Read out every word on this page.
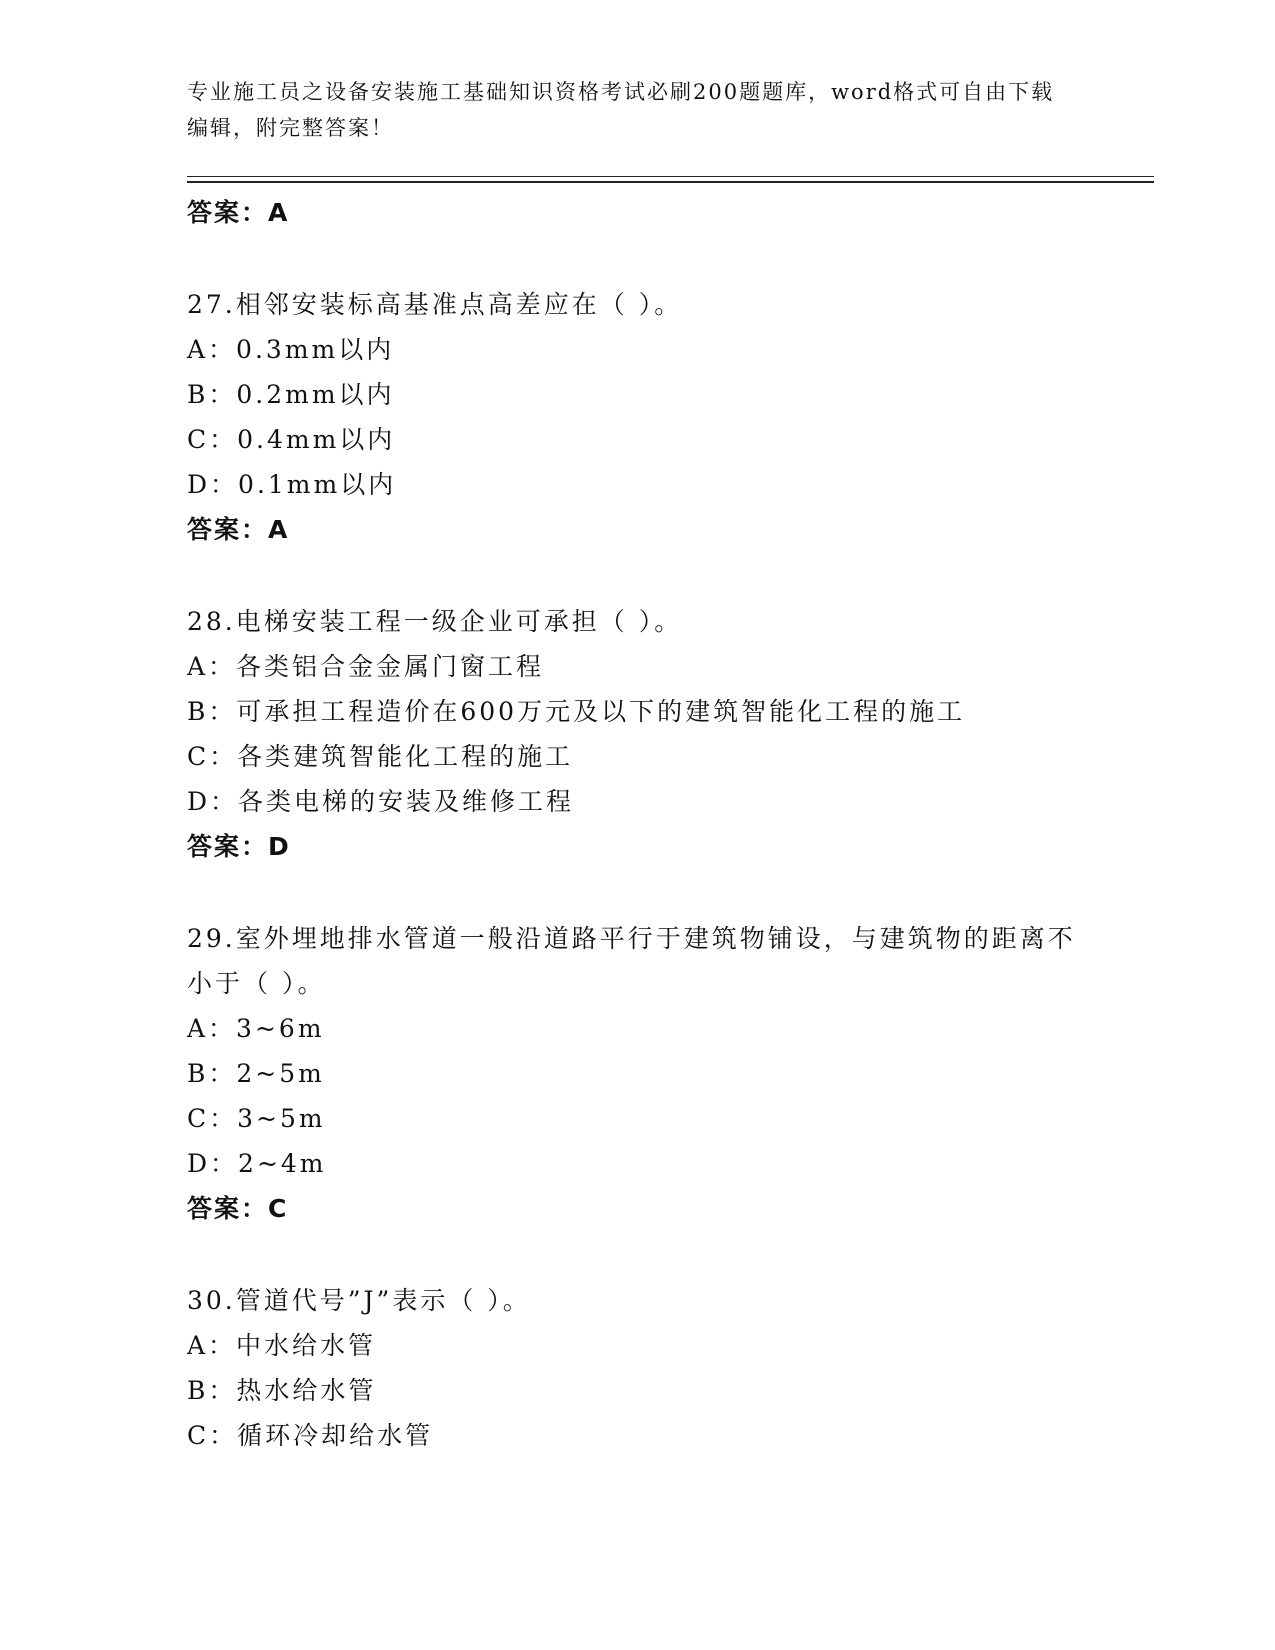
专业施工员之设备安装施工基础知识资格考试必刷200题题库，word格式可自由下载编辑，附完整答案！
答案：A
27.相邻安装标高基准点高差应在（ ）。
A：0.3mm以内
B：0.2mm以内
C：0.4mm以内
D：0.1mm以内
答案：A
28.电梯安装工程一级企业可承担（ ）。
A：各类铝合金金属门窗工程
B：可承担工程造价在600万元及以下的建筑智能化工程的施工
C：各类建筑智能化工程的施工
D：各类电梯的安装及维修工程
答案：D
29.室外埋地排水管道一般沿道路平行于建筑物铺设，与建筑物的距离不小于（ ）。
A：3~6m
B：2~5m
C：3~5m
D：2~4m
答案：C
30.管道代号”J”表示（ ）。
A：中水给水管
B：热水给水管
C：循环冷却给水管
